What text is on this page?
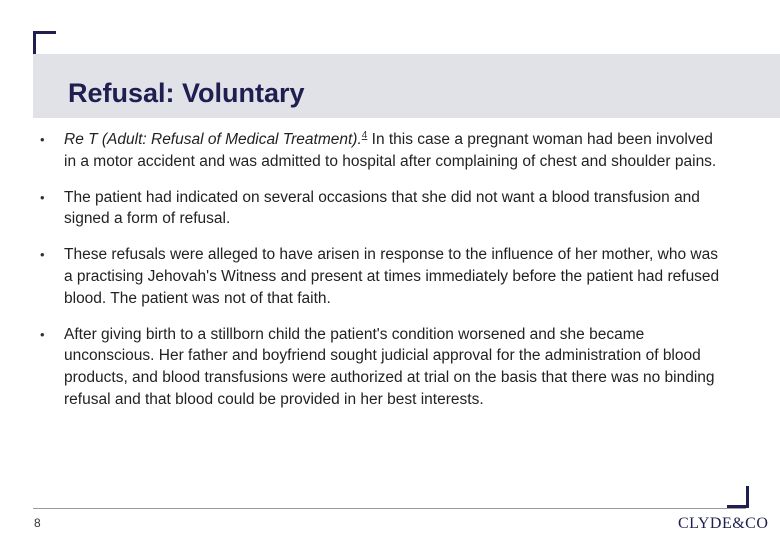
Refusal: Voluntary
• Re T (Adult: Refusal of Medical Treatment).$^4$ In this case a pregnant woman had been involved in a motor accident and was admitted to hospital after complaining of chest and shoulder pains.
• The patient had indicated on several occasions that she did not want a blood transfusion and signed a form of refusal.
• These refusals were alleged to have arisen in response to the influence of her mother, who was a practising Jehovah's Witness and present at times immediately before the patient had refused blood. The patient was not of that faith.
• After giving birth to a stillborn child the patient's condition worsened and she became unconscious. Her father and boyfriend sought judicial approval for the administration of blood products, and blood transfusions were authorized at trial on the basis that there was no binding refusal and that blood could be provided in her best interests.
8	CLYDE&CO
